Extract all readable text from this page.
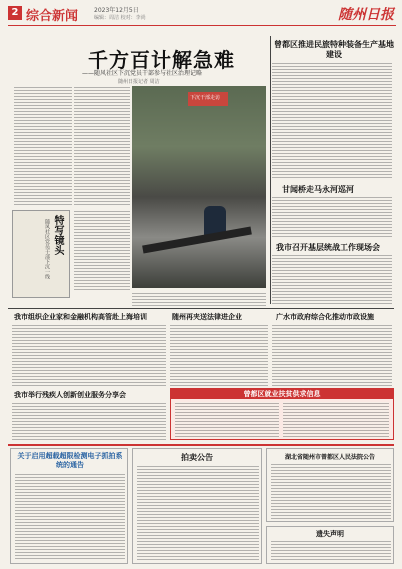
2 综合新闻	2023年12月5日
编辑：周洁 校对：李尚	随州日报
千方百计解急难
——随风社区下沉党员干部参与社区治理记略
随州日报记者 周洁
下沉干部走访
特写镜头
随风社区党员干部下沉一线
曾都区推进民旅特种装备生产基地建设
甘闻桥走马永河巡河
我市召开基层统战工作现场会
我市组织企业家和金融机构高管赴上海培训	随州再夹送法律进企业	广水市政府综合化推动市政设施
我市举行残疾人创新创业服务分享会	曾都区就业扶贫供求信息
关于启用超载超限检测电子抓拍系统的通告
拍卖公告	湖北省随州市曾都区人民法院公告
遗失声明
